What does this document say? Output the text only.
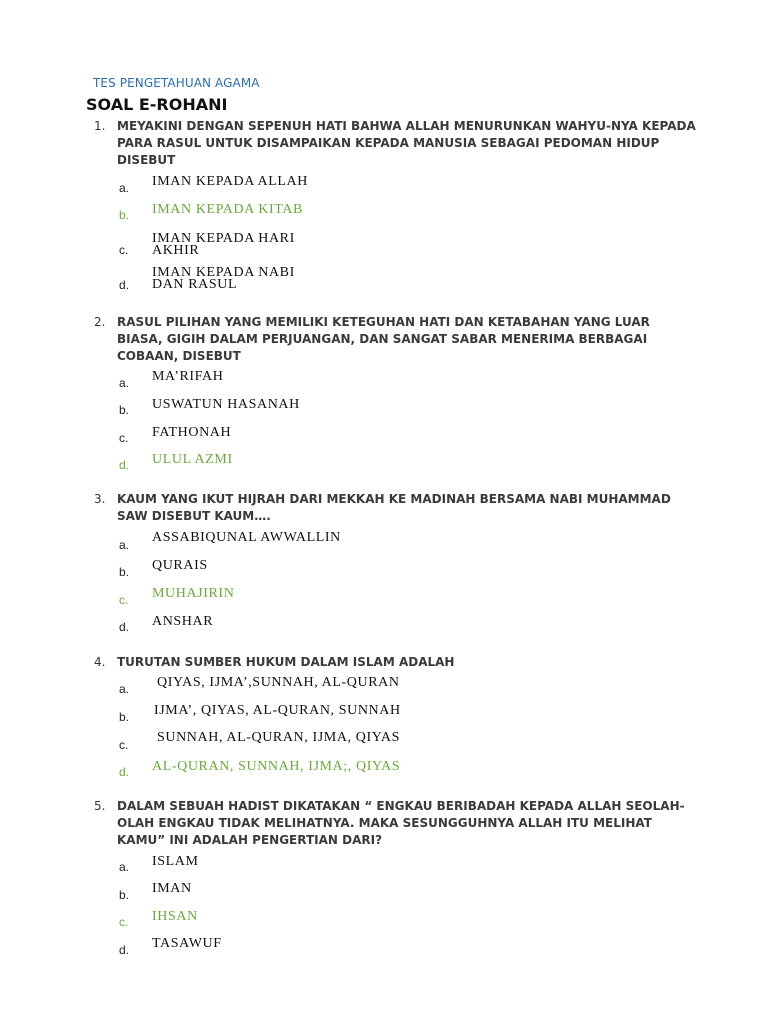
TES PENGETAHUAN AGAMA
SOAL E-ROHANI
1. MEYAKINI DENGAN SEPENUH HATI BAHWA ALLAH MENURUNKAN WAHYU-NYA KEPADA PARA RASUL UNTUK DISAMPAIKAN KEPADA MANUSIA SEBAGAI PEDOMAN HIDUP DISEBUT
a. IMAN KEPADA ALLAH
b. IMAN KEPADA KITAB
c.
IMAN KEPADA HARI
AKHIR
d.
IMAN KEPADA NABI
DAN RASUL
2. RASUL PILIHAN YANG MEMILIKI KETEGUHAN HATI DAN KETABAHAN YANG LUAR BIASA, GIGIH DALAM PERJUANGAN, DAN SANGAT SABAR MENERIMA BERBAGAI COBAAN, DISEBUT
a. MA’RIFAH
b. USWATUN HASANAH
c. FATHONAH
d. ULUL AZMI
3. KAUM YANG IKUT HIJRAH DARI MEKKAH KE MADINAH BERSAMA NABI MUHAMMAD SAW DISEBUT KAUM….
a. ASSABIQUNAL AWWALLIN
b. QURAIS
c. MUHAJIRIN
d. ANSHAR
4. TURUTAN SUMBER HUKUM DALAM ISLAM ADALAH
a. QIYAS, IJMA’,SUNNAH, AL-QURAN
b. IJMA’, QIYAS, AL-QURAN, SUNNAH
c. SUNNAH, AL-QURAN, IJMA, QIYAS
d. AL-QURAN, SUNNAH, IJMA;, QIYAS
5. DALAM SEBUAH HADIST DIKATAKAN “ ENGKAU BERIBADAH KEPADA ALLAH SEOLAH- OLAH ENGKAU TIDAK MELIHATNYA. MAKA SESUNGGUHNYA ALLAH ITU MELIHAT KAMU” INI ADALAH PENGERTIAN DARI?
a. ISLAM
b. IMAN
c. IHSAN
d. TASAWUF
